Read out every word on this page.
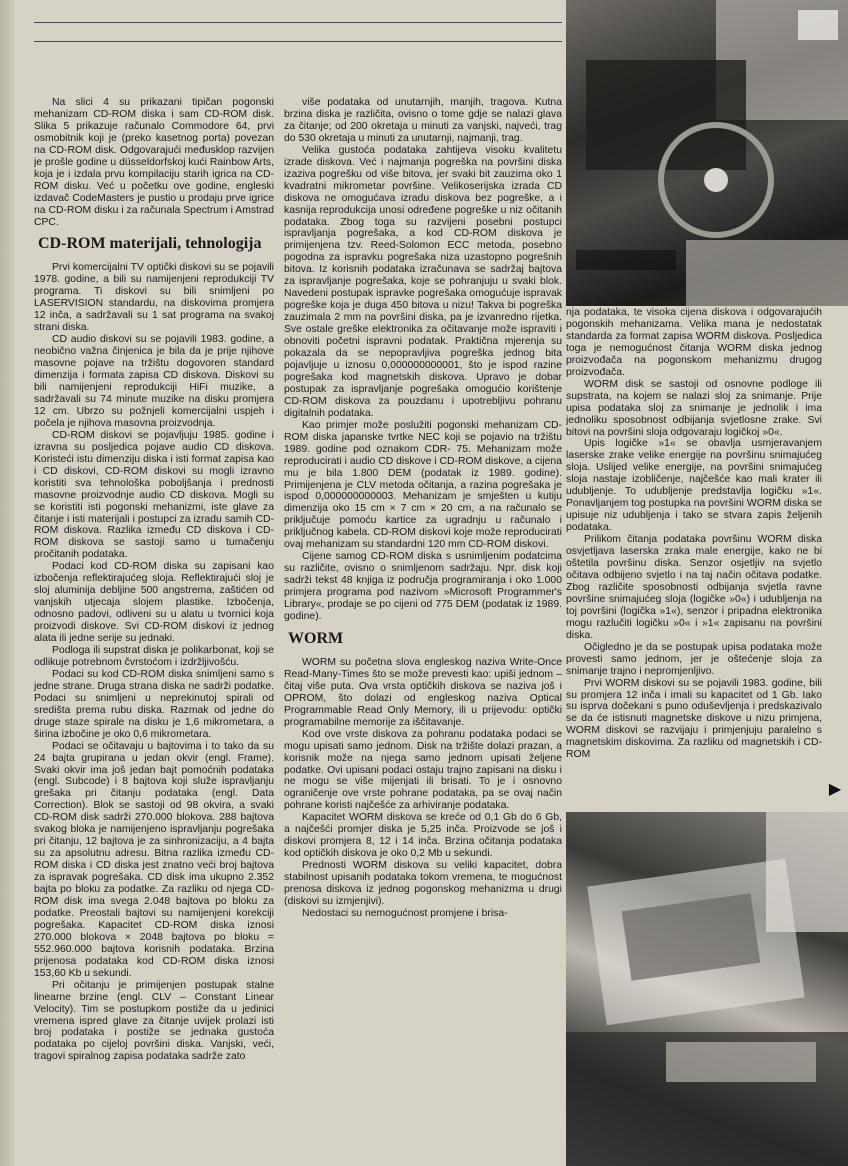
Na slici 4 su prikazani tipičan pogonski mehanizam CD-ROM diska i sam CD-ROM disk. Slika 5 prikazuje računalo Commodore 64, prvi osmobitnik koji je (preko kasetnog porta) povezan na CD-ROM disk. Odgovarajući međusklop razvijen je prošle godine u düsseldorfskoj kući Rainbow Arts, koja je i izdala prvu kompilaciju starih igrica na CD-ROM disku. Već u početku ove godine, engleski izdavač CodeMasters je pustio u prodaju prve igrice na CD-ROM disku i za računala Spectrum i Amstrad CPC.

CD-ROM materijali, tehnologija

Prvi komercijalni TV optički diskovi su se pojavili 1978. godine, a bili su namijenjeni reprodukciji TV programa. Ti diskovi su bili snimljeni po LASERVISION standardu, na diskovima promjera 12 inča, a sadržavali su 1 sat programa na svakoj strani diska.

CD audio diskovi su se pojavili 1983. godine, a neobično važna činjenica je bila da je prije njihove masovne pojave na tržištu dogovoren standard dimenzija i formata zapisa CD diskova. Diskovi su bili namijenjeni reprodukciji HiFi muzike, a sadržavali su 74 minute muzike na disku promjera 12 cm. Ubrzo su požnjeli komercijalni uspjeh i počela je njihova masovna proizvodnja.

CD-ROM diskovi se pojavljuju 1985. godine i izravna su posljedica pojave audio CD diskova. Koristeći istu dimenziju diska i isti format zapisa kao i CD diskovi, CD-ROM diskovi su mogli izravno koristiti sva tehnološka poboljšanja i prednosti masovne proizvodnje audio CD diskova. Mogli su se koristiti isti pogonski mehanizmi, iste glave za čitanje i isti materijali i postupci za izradu samih CD-ROM diskova. Razlika između CD diskova i CD-ROM diskova se sastoji samo u tumačenju pročitanih podataka.

Podaci kod CD-ROM diska su zapisani kao izbočenja reflektirajućeg sloja. Reflektirajući sloj je sloj aluminija debljine 500 angstrema, zaštićen od vanjskih utjecaja slojem plastike. Izbočenja, odnosno padovi, odliveni su u alatu u tvornici koja proizvodi diskove. Svi CD-ROM diskovi iz jednog alata ili jedne serije su jednaki.

Podloga ili supstrat diska je polikarbonat, koji se odlikuje potrebnom čvrstoćom i izdržljivošću.

Podaci su kod CD-ROM diska snimljeni samo s jedne strane. Druga strana diska ne sadrži podatke. Podaci su snimljeni u neprekinutoj spirali od središta prema rubu diska. Razmak od jedne do druge staze spirale na disku je 1,6 mikrometara, a širina izbočine je oko 0,6 mikrometara.

Podaci se očitavaju u bajtovima i to tako da su 24 bajta grupirana u jedan okvir (engl. Frame). Svaki okvir ima još jedan bajt pomoćnih podataka (engl. Subcode) i 8 bajtova koji služe ispravljanju grešaka pri čitanju podataka (engl. Data Correction). Blok se sastoji od 98 okvira, a svaki CD-ROM disk sadrži 270.000 blokova. 288 bajtova svakog bloka je namijenjeno ispravljanju pogrešaka pri čitanju, 12 bajtova je za sinhronizaciju, a 4 bajta su za apsolutnu adresu. Bitna razlika između CD-ROM diska i CD diska jest znatno veći broj bajtova za ispravak pogrešaka. CD disk ima ukupno 2.352 bajta po bloku za podatke. Za razliku od njega CD-ROM disk ima svega 2.048 bajtova po bloku za podatke. Preostali bajtovi su namijenjeni korekciji pogrešaka. Kapacitet CD-ROM diska iznosi 270.000 blokova × 2048 bajtova po bloku = 552.960.000 bajtova korisnih podataka. Brzina prijenosa podataka kod CD-ROM diska iznosi 153,60 Kb u sekundi.

Pri očitanju je primijenjen postupak stalne linearne brzine (engl. CLV – Constant Linear Velocity). Tim se postupkom postiže da u jedinici vremena ispred glave za čitanje uvijek prolazi isti broj podataka i postiže se jednaka gustoća podataka po cijeloj površini diska. Vanjski, veći, tragovi spiralnog zapisa podataka sadrže zato

više podataka od unutarnjih, manjih, tragova. Kutna brzina diska je različita, ovisno o tome gdje se nalazi glava za čitanje; od 200 okretaja u minuti za vanjski, najveći, trag do 530 okretaja u minuti za unutarnji, najmanji, trag.

Velika gustoća podataka zahtijeva visoku kvalitetu izrade diskova. Već i najmanja pogreška na površini diska izaziva pogrešku od više bitova, jer svaki bit zauzima oko 1 kvadratni mikrometar površine. Velikoserijska izrada CD diskova ne omogućava izradu diskova bez pogreške, a i kasnija reprodukcija unosi određene pogreške u niz očitanih podataka. Zbog toga su razvijeni posebni postupci ispravljanja pogrešaka, a kod CD-ROM diskova je primijenjena tzv. Reed-Solomon ECC metoda, posebno pogodna za ispravku pogrešaka niza uzastopno pogrešnih bitova. Iz korisnih podataka izračunava se sadržaj bajtova za ispravljanje pogrešaka, koje se pohranjuju u svaki blok. Navedeni postupak ispravke pogrešaka omogućuje ispravak pogreške koja je duga 450 bitova u nizu! Takva bi pogreška zauzimala 2 mm na površini diska, pa je izvanredno rijetka. Sve ostale greške elektronika za očitavanje može ispraviti i obnoviti početni ispravni podatak. Praktična mjerenja su pokazala da se nepopravljiva pogreška jednog bita pojavljuje u iznosu 0,000000000001, što je ispod razine pogrešaka kod magnetskih diskova. Upravo je dobar postupak za ispravljanje pogrešaka omogućio korištenje CD-ROM diskova za pouzdanu i upotrebljivu pohranu digitalnih podataka.

Kao primjer može poslužiti pogonski mehanizam CD-ROM diska japanske tvrtke NEC koji se pojavio na tržištu 1989. godine pod oznakom CDR- 75. Mehanizam može reproducirati i audio CD diskove i CD-ROM diskove, a cijena mu je bila 1.800 DEM (podatak iz 1989. godine). Primijenjena je CLV metoda očitanja, a razina pogrešaka je ispod 0,000000000003. Mehanizam je smješten u kutiju dimenzija oko 15 cm × 7 cm × 20 cm, a na računalo se priključuje pomoću kartice za ugradnju u računalo i priključnog kabela. CD-ROM diskovi koje može reproducirati ovaj mehanizam su standardni 120 mm CD-ROM diskovi.

Cijene samog CD-ROM diska s usnimljenim podatcima su različite, ovisno o snimljenom sadržaju. Npr. disk koji sadrži tekst 48 knjiga iz područja programiranja i oko 1.000 primjera programa pod nazivom »Microsoft Programmer's Library«, prodaje se po cijeni od 775 DEM (podatak iz 1989. godine).

WORM

WORM su početna slova engleskog naziva Write-Once Read-Many-Times što se može prevesti kao: upiši jednom – čitaj više puta. Ova vrsta optičkih diskova se naziva još i OPROM, što dolazi od engleskog naziva Optical Programmable Read Only Memory, ili u prijevodu: optički programabilne memorije za iščitavanje.

Kod ove vrste diskova za pohranu podataka podaci se mogu upisati samo jednom. Disk na tržište dolazi prazan, a korisnik može na njega samo jednom upisati željene podatke. Ovi upisani podaci ostaju trajno zapisani na disku i ne mogu se više mijenjati ili brisati. To je i osnovno ograničenje ove vrste pohrane podataka, pa se ovaj način pohrane koristi najčešće za arhiviranje podataka.

Kapacitet WORM diskova se kreće od 0,1 Gb do 6 Gb, a najčešći promjer diska je 5,25 inča. Proizvode se još i diskovi promjera 8, 12 i 14 inča. Brzina očitanja podataka kod optičkih diskova je oko 0,2 Mb u sekundi.

Prednosti WORM diskova su veliki kapacitet, dobra stabilnost upisanih podataka tokom vremena, te mogućnost prenosa diskova iz jednog pogonskog mehanizma u drugi (diskovi su izmjenjivi).

Nedostaci su nemogućnost promjene i brisa-

nja podataka, te visoka cijena diskova i odgovarajućih pogonskih mehanizama. Velika mana je nedostatak standarda za format zapisa WORM diskova. Posljedica toga je nemogućnost čitanja WORM diska jednog proizvođača na pogonskom mehanizmu drugog proizvođača.

WORM disk se sastoji od osnovne podloge ili supstrata, na kojem se nalazi sloj za snimanje. Prije upisa podataka sloj za snimanje je jednolik i ima jednoliku sposobnost odbijanja svjetlosne zrake. Svi bitovi na površini sloja odgovaraju logičkoj »0«.

Upis logičke »1« se obavlja usmjeravanjem laserske zrake velike energije na površinu snimajućeg sloja. Uslijed velike energije, na površini snimajućeg sloja nastaje izobličenje, najčešće kao mali krater ili udubljenje. To udubljenje predstavlja logičku »1«. Ponavljanjem tog postupka na površini WORM diska se upisuje niz udubljenja i tako se stvara zapis željenih podataka.

Prilikom čitanja podataka površinu WORM diska osvjetljava laserska zraka male energije, kako ne bi oštetila površinu diska. Senzor osjetljiv na svjetlo očitava odbijeno svjetlo i na taj način očitava podatke. Zbog različite sposobnosti odbijanja svjetla ravne površine snimajućeg sloja (logičke »0«) i udubljenja na toj površini (logička »1«), senzor i pripadna elektronika mogu razlučiti logičku »0« i »1« zapisanu na površini diska.

Očigledno je da se postupak upisa podataka može provesti samo jednom, jer je oštećenje sloja za snimanje trajno i nepromjenljivo.

Prvi WORM diskovi su se pojavili 1983. godine, bili su promjera 12 inča i imali su kapacitet od 1 Gb. Iako su isprva dočekani s puno oduševljenja i predskazivalo se da će istisnuti magnetske diskove u nizu primjena, WORM diskovi se razvijaju i primjenjuju paralelno s magnetskim diskovima. Za razliku od magnetskih i CD-ROM

▶
